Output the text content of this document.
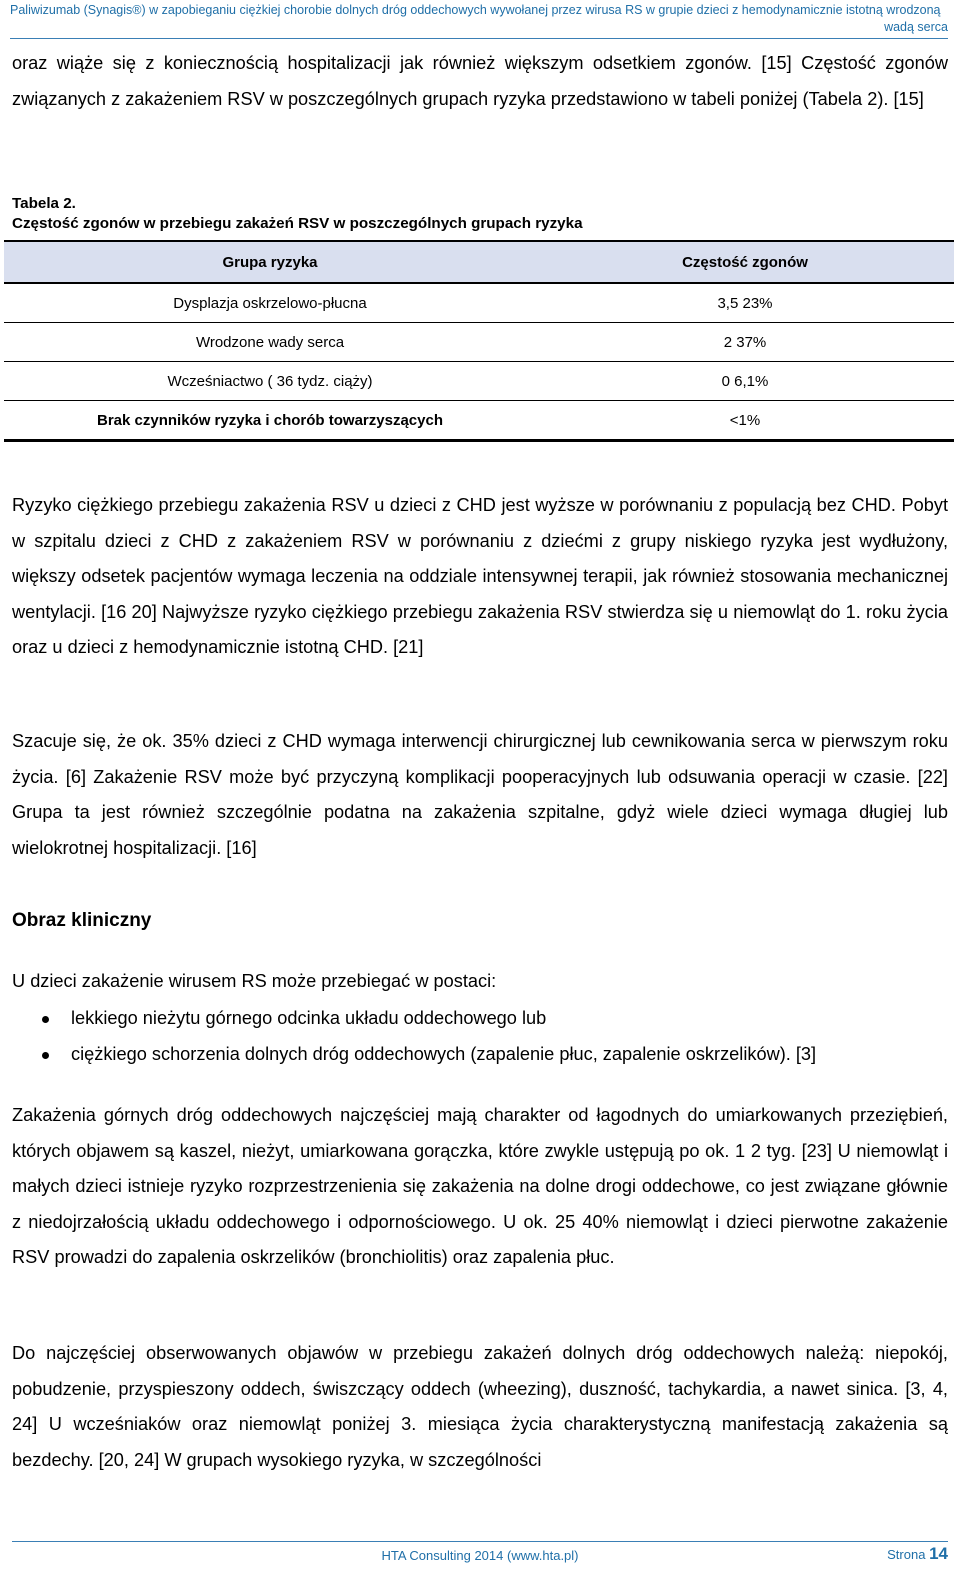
Paliwizumab (Synagis®) w zapobieganiu ciężkiej chorobie dolnych dróg oddechowych wywołanej przez wirusa RS w grupie dzieci z hemodynamicznie istotną wrodzoną
wadą serca

oraz wiąże się z koniecznością hospitalizacji jak również większym odsetkiem zgonów. [15] Częstość zgonów związanych z zakażeniem RSV w poszczególnych grupach ryzyka przedstawiono w tabeli poniżej (Tabela 2). [15]

Tabela 2.
Częstość zgonów w przebiegu zakażeń RSV w poszczególnych grupach ryzyka
Grupa ryzyka	Częstość zgonów
Dysplazja oskrzelowo-płucna	3,5 23%
Wrodzone wady serca	2 37%
Wcześniactwo ( 36 tydz. ciąży)	0 6,1%
Brak czynników ryzyka i chorób towarzyszących	<1%

Ryzyko ciężkiego przebiegu zakażenia RSV u dzieci z CHD jest wyższe w porównaniu z populacją bez CHD. Pobyt w szpitalu dzieci z CHD z zakażeniem RSV w porównaniu z dziećmi z grupy niskiego ryzyka jest wydłużony, większy odsetek pacjentów wymaga leczenia na oddziale intensywnej terapii, jak również stosowania mechanicznej wentylacji. [16 20] Najwyższe ryzyko ciężkiego przebiegu zakażenia RSV stwierdza się u niemowląt do 1. roku życia oraz u dzieci z hemodynamicznie istotną CHD. [21]

Szacuje się, że ok. 35% dzieci z CHD wymaga interwencji chirurgicznej lub cewnikowania serca w pierwszym roku życia. [6] Zakażenie RSV może być przyczyną komplikacji pooperacyjnych lub odsuwania operacji w czasie. [22] Grupa ta jest również szczególnie podatna na zakażenia szpitalne, gdyż wiele dzieci wymaga długiej lub wielokrotnej hospitalizacji. [16]

Obraz kliniczny

U dzieci zakażenie wirusem RS może przebiegać w postaci:

lekkiego nieżytu górnego odcinka układu oddechowego lub
ciężkiego schorzenia dolnych dróg oddechowych (zapalenie płuc, zapalenie oskrzelików). [3]

Zakażenia górnych dróg oddechowych najczęściej mają charakter od łagodnych do umiarkowanych przeziębień, których objawem są kaszel, nieżyt, umiarkowana gorączka, które zwykle ustępują po ok. 1 2 tyg. [23] U niemowląt i małych dzieci istnieje ryzyko rozprzestrzenienia się zakażenia na dolne drogi oddechowe, co jest związane głównie z niedojrzałością układu oddechowego i odpornościowego. U ok. 25 40% niemowląt i dzieci pierwotne zakażenie RSV prowadzi do zapalenia oskrzelików (bronchiolitis) oraz zapalenia płuc.

Do najczęściej obserwowanych objawów w przebiegu zakażeń dolnych dróg oddechowych należą: niepokój, pobudzenie, przyspieszony oddech, świszczący oddech (wheezing), duszność, tachykardia, a nawet sinica. [3, 4, 24] U wcześniaków oraz niemowląt poniżej 3. miesiąca życia charakterystyczną manifestacją zakażenia są bezdechy. [20, 24] W grupach wysokiego ryzyka, w szczególności

HTA Consulting 2014 (www.hta.pl)	Strona 14
